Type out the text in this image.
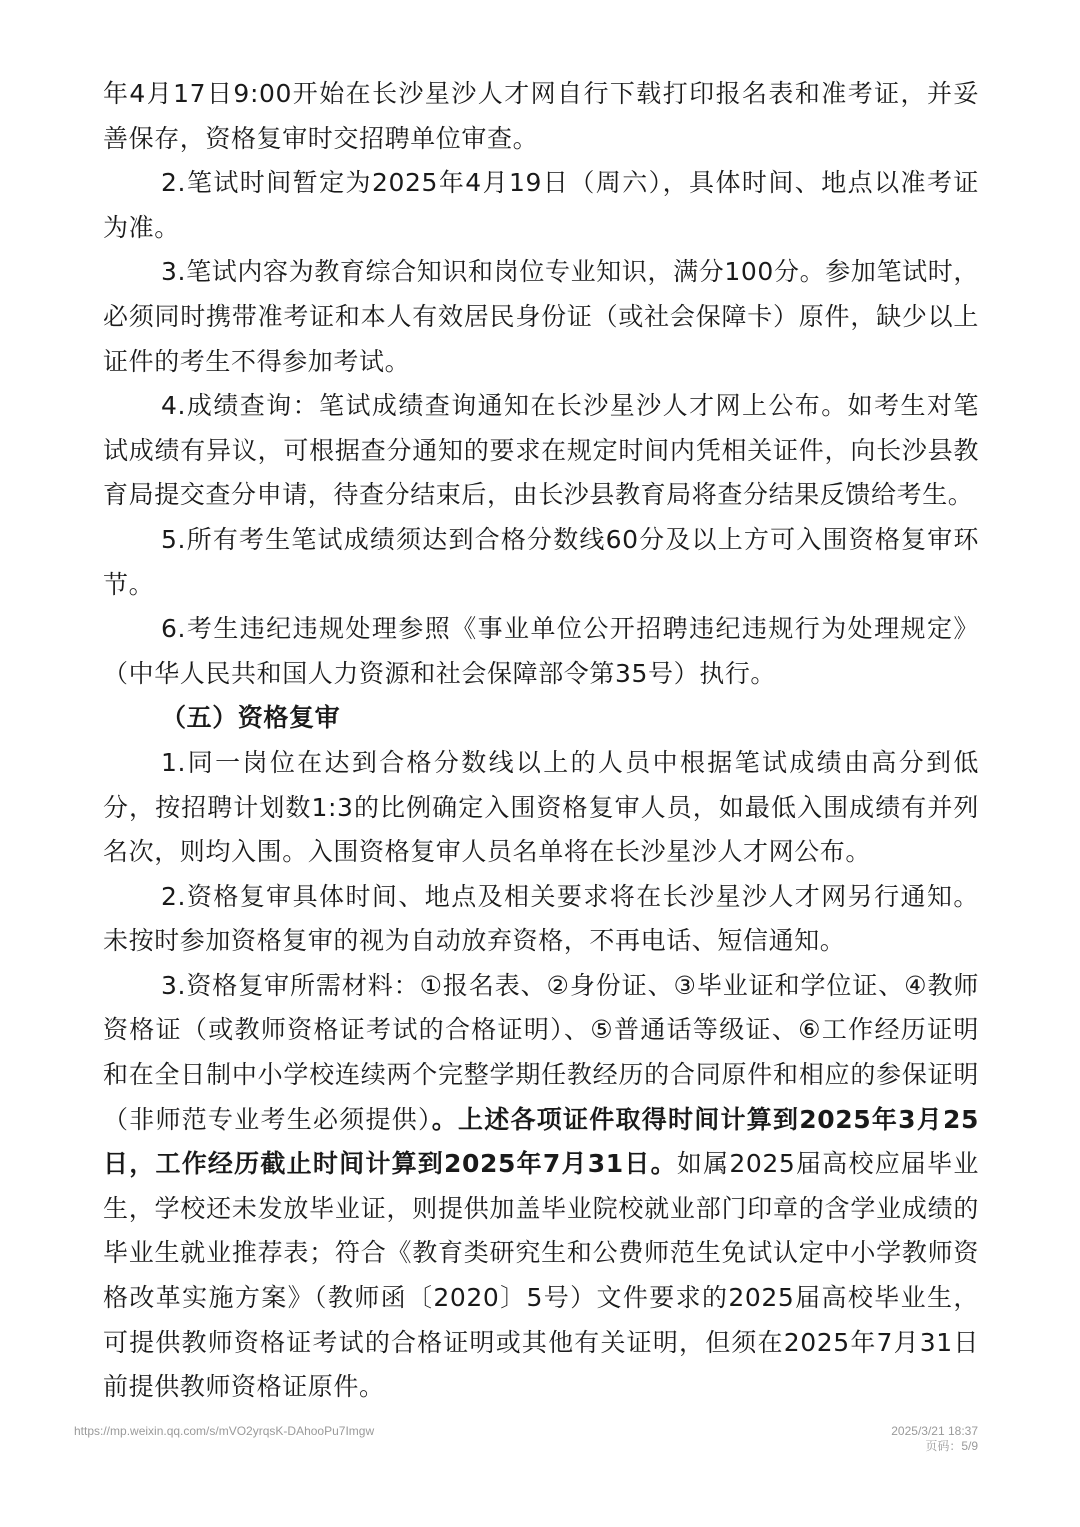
年4月17日9:00开始在长沙星沙人才网自行下载打印报名表和准考证，并妥善保存，资格复审时交招聘单位审查。

2.笔试时间暂定为2025年4月19日（周六），具体时间、地点以准考证为准。

3.笔试内容为教育综合知识和岗位专业知识，满分100分。参加笔试时，必须同时携带准考证和本人有效居民身份证（或社会保障卡）原件，缺少以上证件的考生不得参加考试。

4.成绩查询：笔试成绩查询通知在长沙星沙人才网上公布。如考生对笔试成绩有异议，可根据查分通知的要求在规定时间内凭相关证件，向长沙县教育局提交查分申请，待查分结束后，由长沙县教育局将查分结果反馈给考生。

5.所有考生笔试成绩须达到合格分数线60分及以上方可入围资格复审环节。

6.考生违纪违规处理参照《事业单位公开招聘违纪违规行为处理规定》（中华人民共和国人力资源和社会保障部令第35号）执行。

（五）资格复审

1.同一岗位在达到合格分数线以上的人员中根据笔试成绩由高分到低分，按招聘计划数1:3的比例确定入围资格复审人员，如最低入围成绩有并列名次，则均入围。入围资格复审人员名单将在长沙星沙人才网公布。

2.资格复审具体时间、地点及相关要求将在长沙星沙人才网另行通知。未按时参加资格复审的视为自动放弃资格，不再电话、短信通知。

3.资格复审所需材料：①报名表、②身份证、③毕业证和学位证、④教师资格证（或教师资格证考试的合格证明）、⑤普通话等级证、⑥工作经历证明和在全日制中小学校连续两个完整学期任教经历的合同原件和相应的参保证明（非师范专业考生必须提供）。上述各项证件取得时间计算到2025年3月25日，工作经历截止时间计算到2025年7月31日。如属2025届高校应届毕业生，学校还未发放毕业证，则提供加盖毕业院校就业部门印章的含学业成绩的毕业生就业推荐表；符合《教育类研究生和公费师范生免试认定中小学教师资格改革实施方案》（教师函〔2020〕5号）文件要求的2025届高校毕业生，可提供教师资格证考试的合格证明或其他有关证明，但须在2025年7月31日前提供教师资格证原件。

https://mp.weixin.qq.com/s/mVO2yrqsK-DAhooPu7Imgw	2025/3/21 18:37
页码：5/9
